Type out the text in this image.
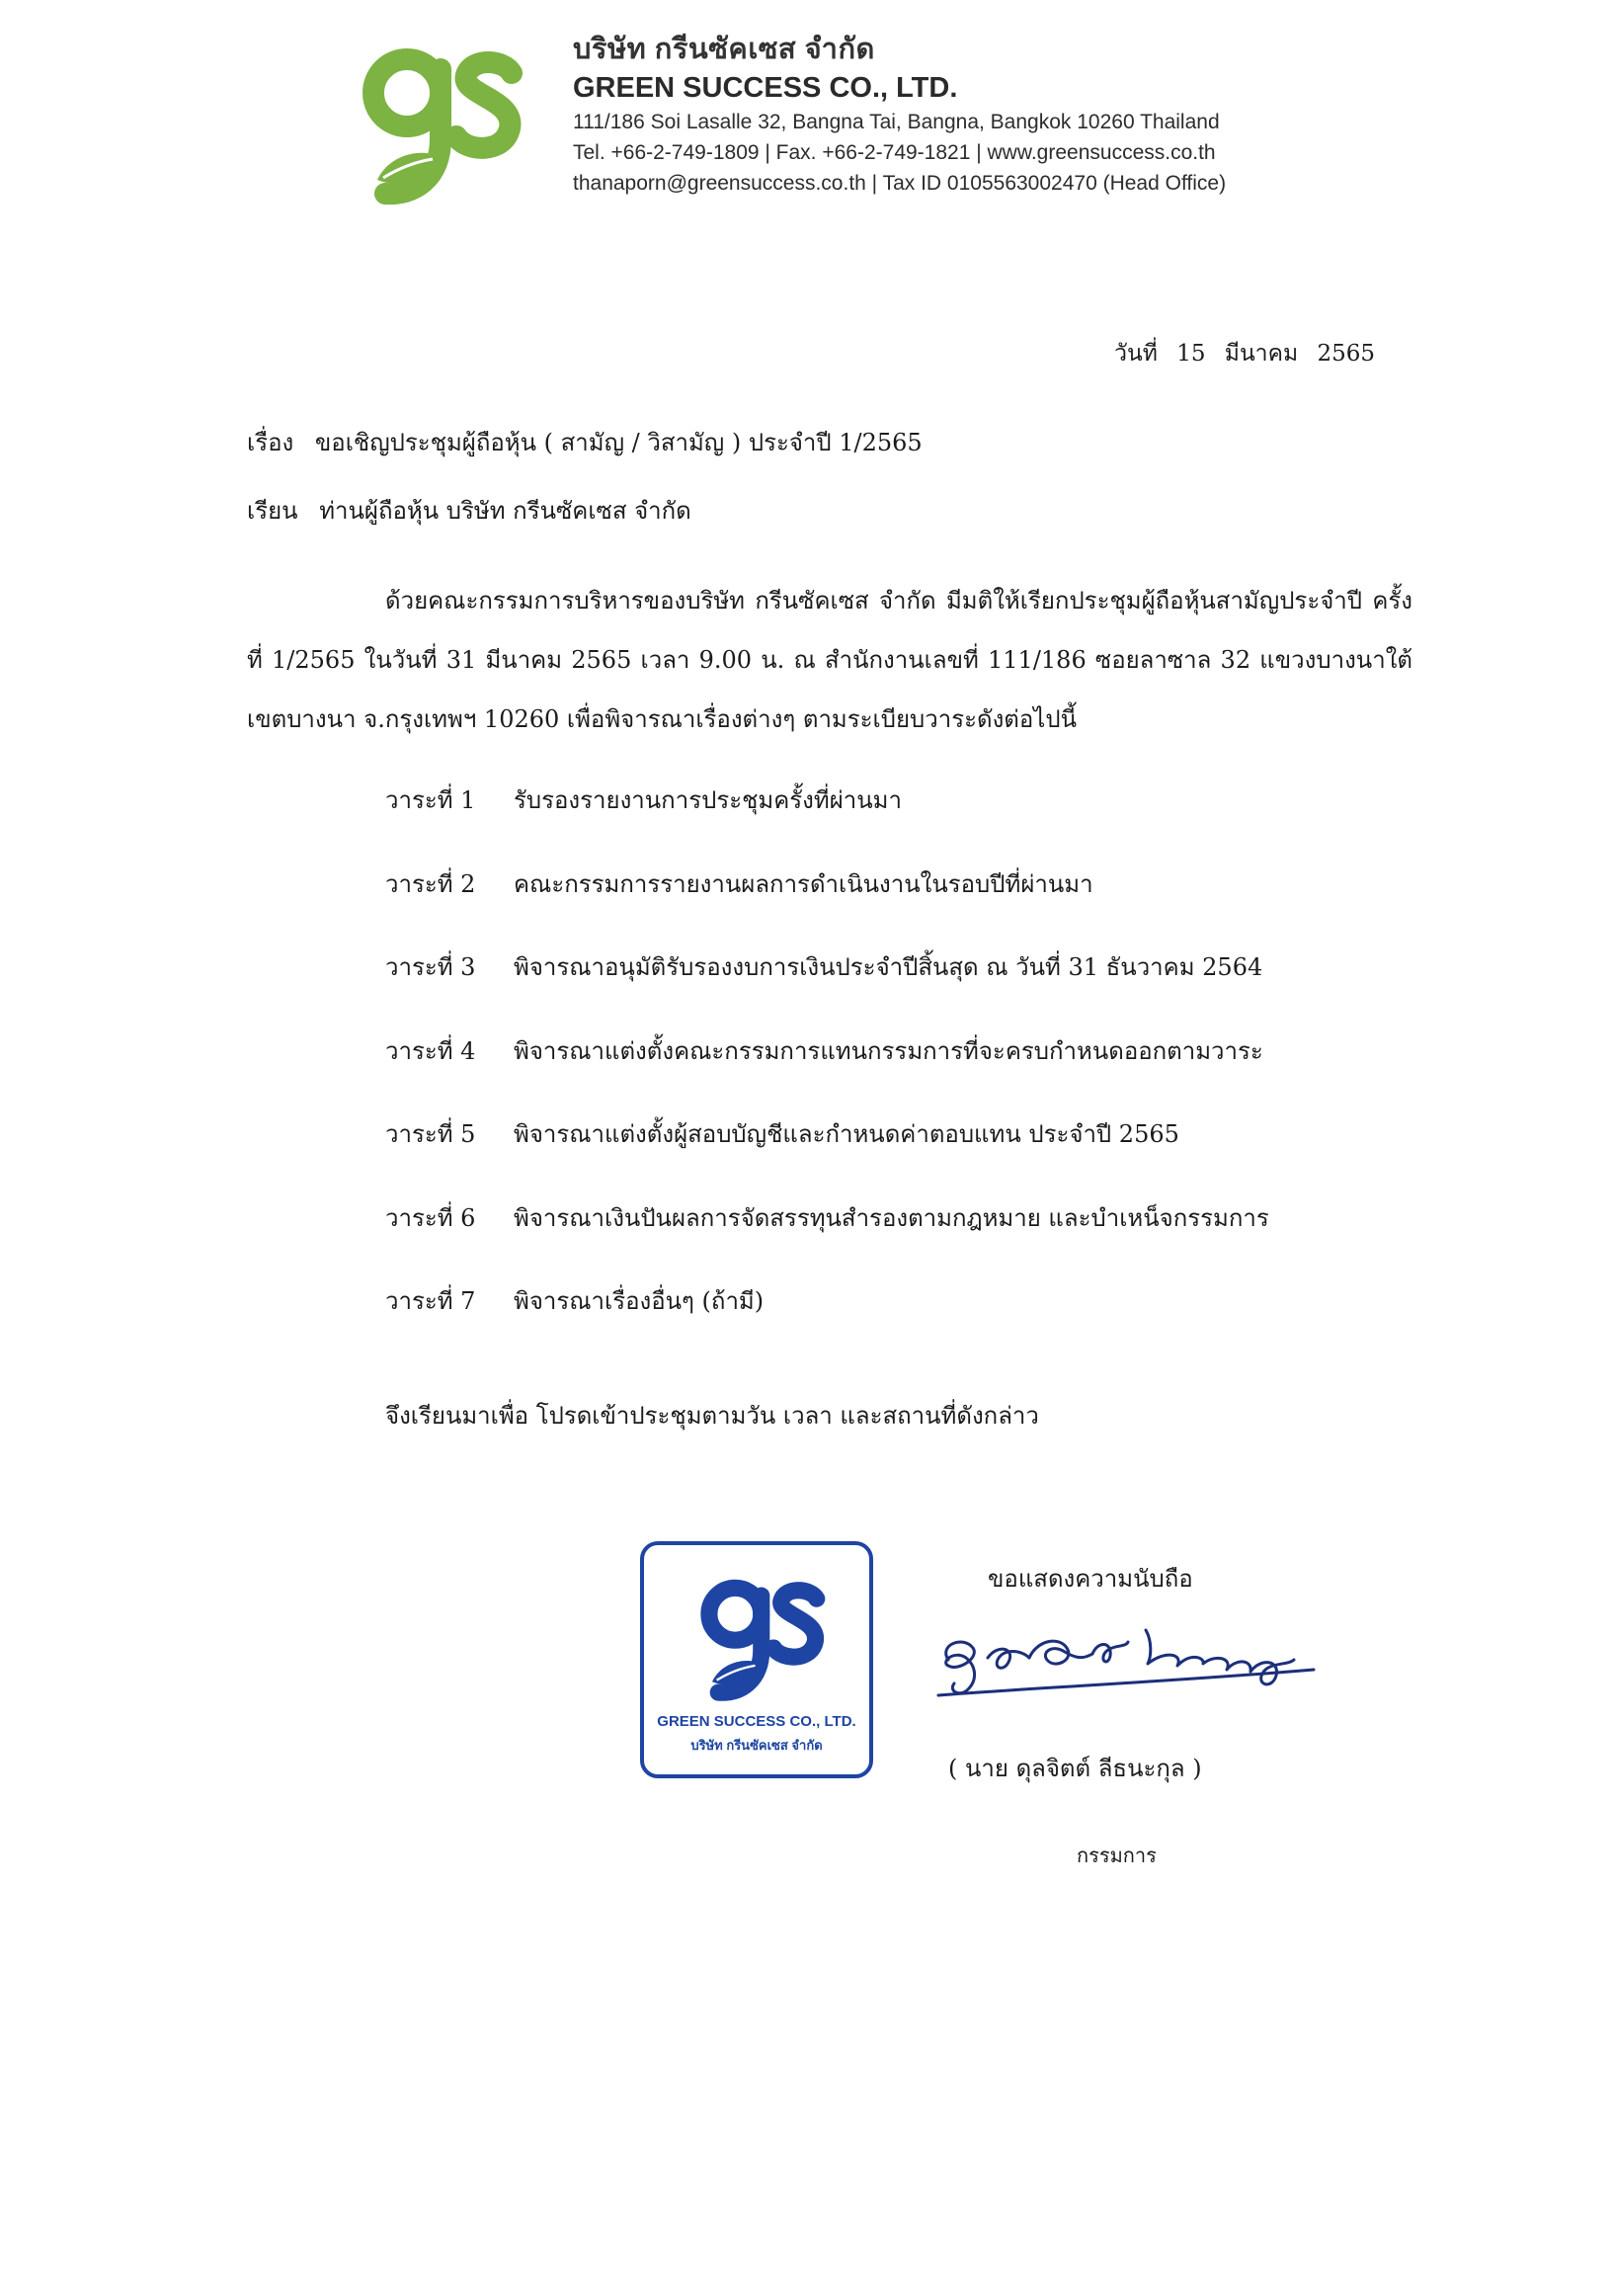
บริษัท กรีนซัคเซส จำกัด
GREEN SUCCESS CO., LTD.
111/186 Soi Lasalle 32, Bangna Tai, Bangna, Bangkok 10260 Thailand
Tel. +66-2-749-1809 | Fax. +66-2-749-1821 | www.greensuccess.co.th
thanaporn@greensuccess.co.th | Tax ID 0105563002470 (Head Office)
วันที่ 15 มีนาคม 2565
เรื่อง ขอเชิญประชุมผู้ถือหุ้น ( สามัญ / วิสามัญ ) ประจำปี 1/2565
เรียน ท่านผู้ถือหุ้น บริษัท กรีนซัคเซส จำกัด
ด้วยคณะกรรมการบริหารของบริษัท กรีนซัคเซส จำกัด มีมติให้เรียกประชุมผู้ถือหุ้นสามัญประจำปี ครั้งที่ 1/2565 ในวันที่ 31 มีนาคม 2565 เวลา 9.00 น. ณ สำนักงานเลขที่ 111/186 ซอยลาซาล 32 แขวงบางนาใต้ เขตบางนา จ.กรุงเทพฯ 10260 เพื่อพิจารณาเรื่องต่างๆ ตามระเบียบวาระดังต่อไปนี้
วาระที่ 1 รับรองรายงานการประชุมครั้งที่ผ่านมา
วาระที่ 2 คณะกรรมการรายงานผลการดำเนินงานในรอบปีที่ผ่านมา
วาระที่ 3 พิจารณาอนุมัติรับรองงบการเงินประจำปีสิ้นสุด ณ วันที่ 31 ธันวาคม 2564
วาระที่ 4 พิจารณาแต่งตั้งคณะกรรมการแทนกรรมการที่จะครบกำหนดออกตามวาระ
วาระที่ 5 พิจารณาแต่งตั้งผู้สอบบัญชีและกำหนดค่าตอบแทน ประจำปี 2565
วาระที่ 6 พิจารณาเงินปันผลการจัดสรรทุนสำรองตามกฎหมาย และบำเหน็จกรรมการ
วาระที่ 7 พิจารณาเรื่องอื่นๆ (ถ้ามี)
จึงเรียนมาเพื่อ โปรดเข้าประชุมตามวัน เวลา และสถานที่ดังกล่าว
GREEN SUCCESS CO., LTD.
บริษัท กรีนซัคเซส จำกัด
ขอแสดงความนับถือ
( นาย ดุลจิตต์ ลีธนะกุล )
กรรมการ
